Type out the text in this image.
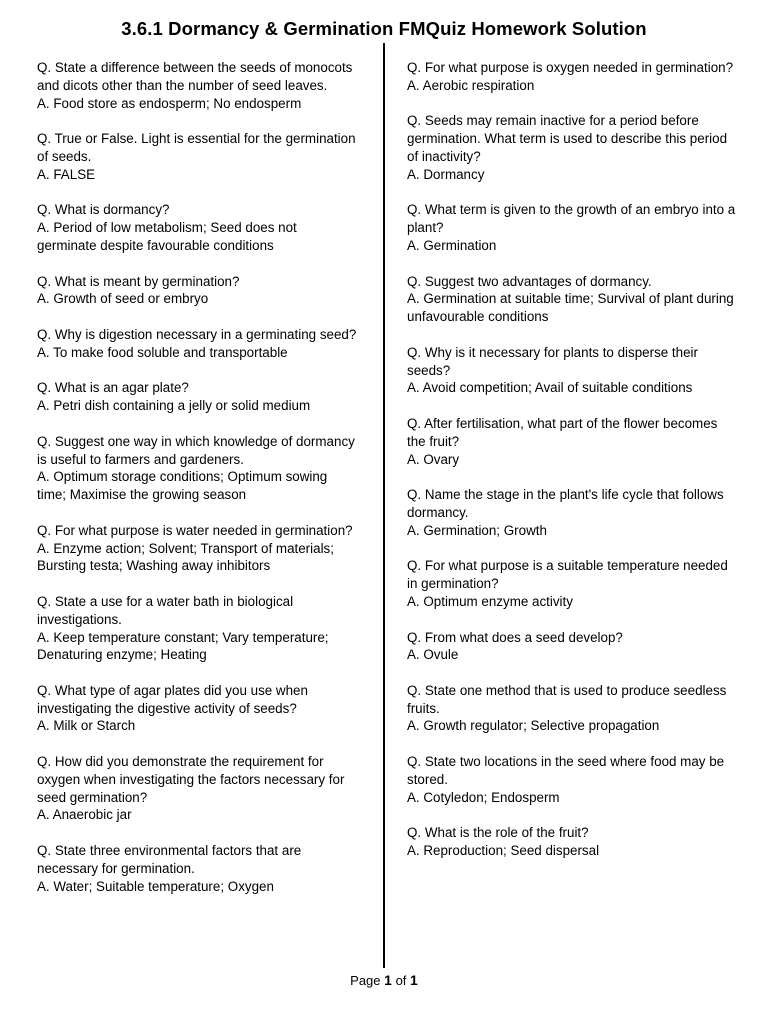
3.6.1 Dormancy & Germination FMQuiz Homework Solution
Q. State a difference between the seeds of monocots and dicots other than the number of seed leaves.
A. Food store as endosperm; No endosperm
Q. True or False. Light is essential for the germination of seeds.
A. FALSE
Q. What is dormancy?
A. Period of low metabolism; Seed does not germinate despite favourable conditions
Q. What is meant by germination?
A. Growth of seed or embryo
Q. Why is digestion necessary in a germinating seed?
A. To make food soluble and transportable
Q. What is an agar plate?
A. Petri dish containing a jelly or solid medium
Q. Suggest one way in which knowledge of dormancy is useful to farmers and gardeners.
A. Optimum storage conditions; Optimum sowing time; Maximise the growing season
Q. For what purpose is water needed in germination?
A. Enzyme action; Solvent; Transport of materials; Bursting testa; Washing away inhibitors
Q. State a use for a water bath in biological investigations.
A. Keep temperature constant; Vary temperature; Denaturing enzyme; Heating
Q. What type of agar plates did you use when investigating the digestive activity of seeds?
A. Milk or Starch
Q. How did you demonstrate the requirement for oxygen when investigating the factors necessary for seed germination?
A. Anaerobic jar
Q. State three environmental factors that are necessary for germination.
A. Water; Suitable temperature; Oxygen
Q. For what purpose is oxygen needed in germination?
A. Aerobic respiration
Q. Seeds may remain inactive for a period before germination. What term is used to describe this period of inactivity?
A. Dormancy
Q. What term is given to the growth of an embryo into a plant?
A. Germination
Q. Suggest two advantages of dormancy.
A. Germination at suitable time; Survival of plant during unfavourable conditions
Q. Why is it necessary for plants to disperse their seeds?
A. Avoid competition; Avail of suitable conditions
Q. After fertilisation, what part of the flower becomes the fruit?
A. Ovary
Q. Name the stage in the plant's life cycle that follows dormancy.
A. Germination; Growth
Q. For what purpose is a suitable temperature needed in germination?
A. Optimum enzyme activity
Q. From what does a seed develop?
A. Ovule
Q. State one method that is used to produce seedless fruits.
A. Growth regulator; Selective propagation
Q. State two locations in the seed where food may be stored.
A. Cotyledon; Endosperm
Q. What is the role of the fruit?
A. Reproduction; Seed dispersal
Page 1 of 1
